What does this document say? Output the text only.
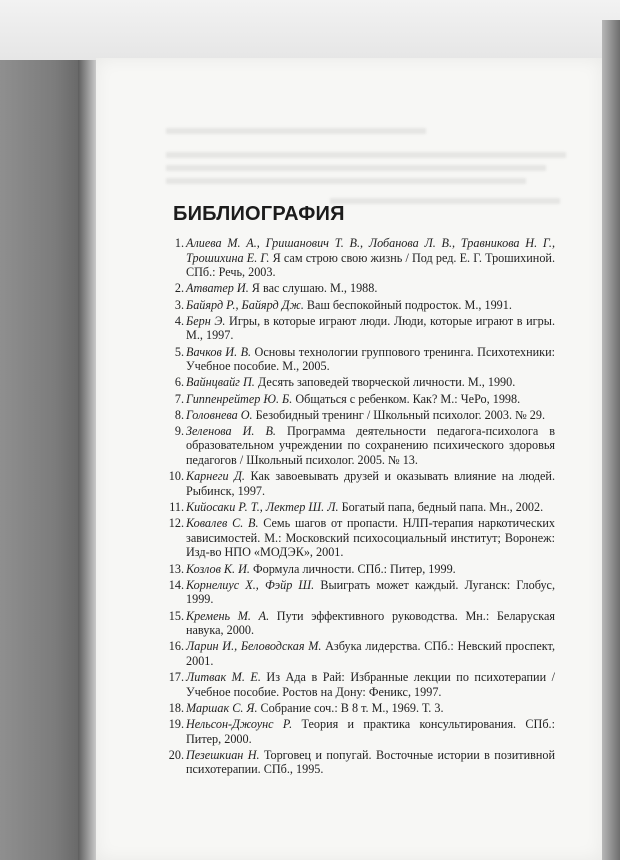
БИБЛИОГРАФИЯ
1. Алиева М. А., Гришанович Т. В., Лобанова Л. В., Травникова Н. Г., Трошихина Е. Г. Я сам строю свою жизнь / Под ред. Е. Г. Трошихиной. СПб.: Речь, 2003.
2. Атватер И. Я вас слушаю. М., 1988.
3. Байярд Р., Байярд Дж. Ваш беспокойный подросток. М., 1991.
4. Берн Э. Игры, в которые играют люди. Люди, которые играют в игры. М., 1997.
5. Вачков И. В. Основы технологии группового тренинга. Психотехники: Учебное пособие. М., 2005.
6. Вайнцвайг П. Десять заповедей творческой личности. М., 1990.
7. Гиппенрейтер Ю. Б. Общаться с ребенком. Как? М.: ЧеРо, 1998.
8. Головнева О. Безобидный тренинг / Школьный психолог. 2003. № 29.
9. Зеленова И. В. Программа деятельности педагога-психолога в образовательном учреждении по сохранению психического здоровья педагогов / Школьный психолог. 2005. № 13.
10. Карнеги Д. Как завоевывать друзей и оказывать влияние на людей. Рыбинск, 1997.
11. Кийосаки Р. Т., Лектер Ш. Л. Богатый папа, бедный папа. Мн., 2002.
12. Ковалев С. В. Семь шагов от пропасти. НЛП-терапия наркотических зависимостей. М.: Московский психосоциальный институт; Воронеж: Изд-во НПО «МОДЭК», 2001.
13. Козлов К. И. Формула личности. СПб.: Питер, 1999.
14. Корнелиус Х., Фэйр Ш. Выиграть может каждый. Луганск: Глобус, 1999.
15. Кремень М. А. Пути эффективного руководства. Мн.: Беларуская навука, 2000.
16. Ларин И., Беловодская М. Азбука лидерства. СПб.: Невский проспект, 2001.
17. Литвак М. Е. Из Ада в Рай: Избранные лекции по психотерапии / Учебное пособие. Ростов на Дону: Феникс, 1997.
18. Маршак С. Я. Собрание соч.: В 8 т. М., 1969. Т. 3.
19. Нельсон-Джоунс Р. Теория и практика консультирования. СПб.: Питер, 2000.
20. Пезешкиан Н. Торговец и попугай. Восточные истории в позитивной психотерапии. СПб., 1995.
